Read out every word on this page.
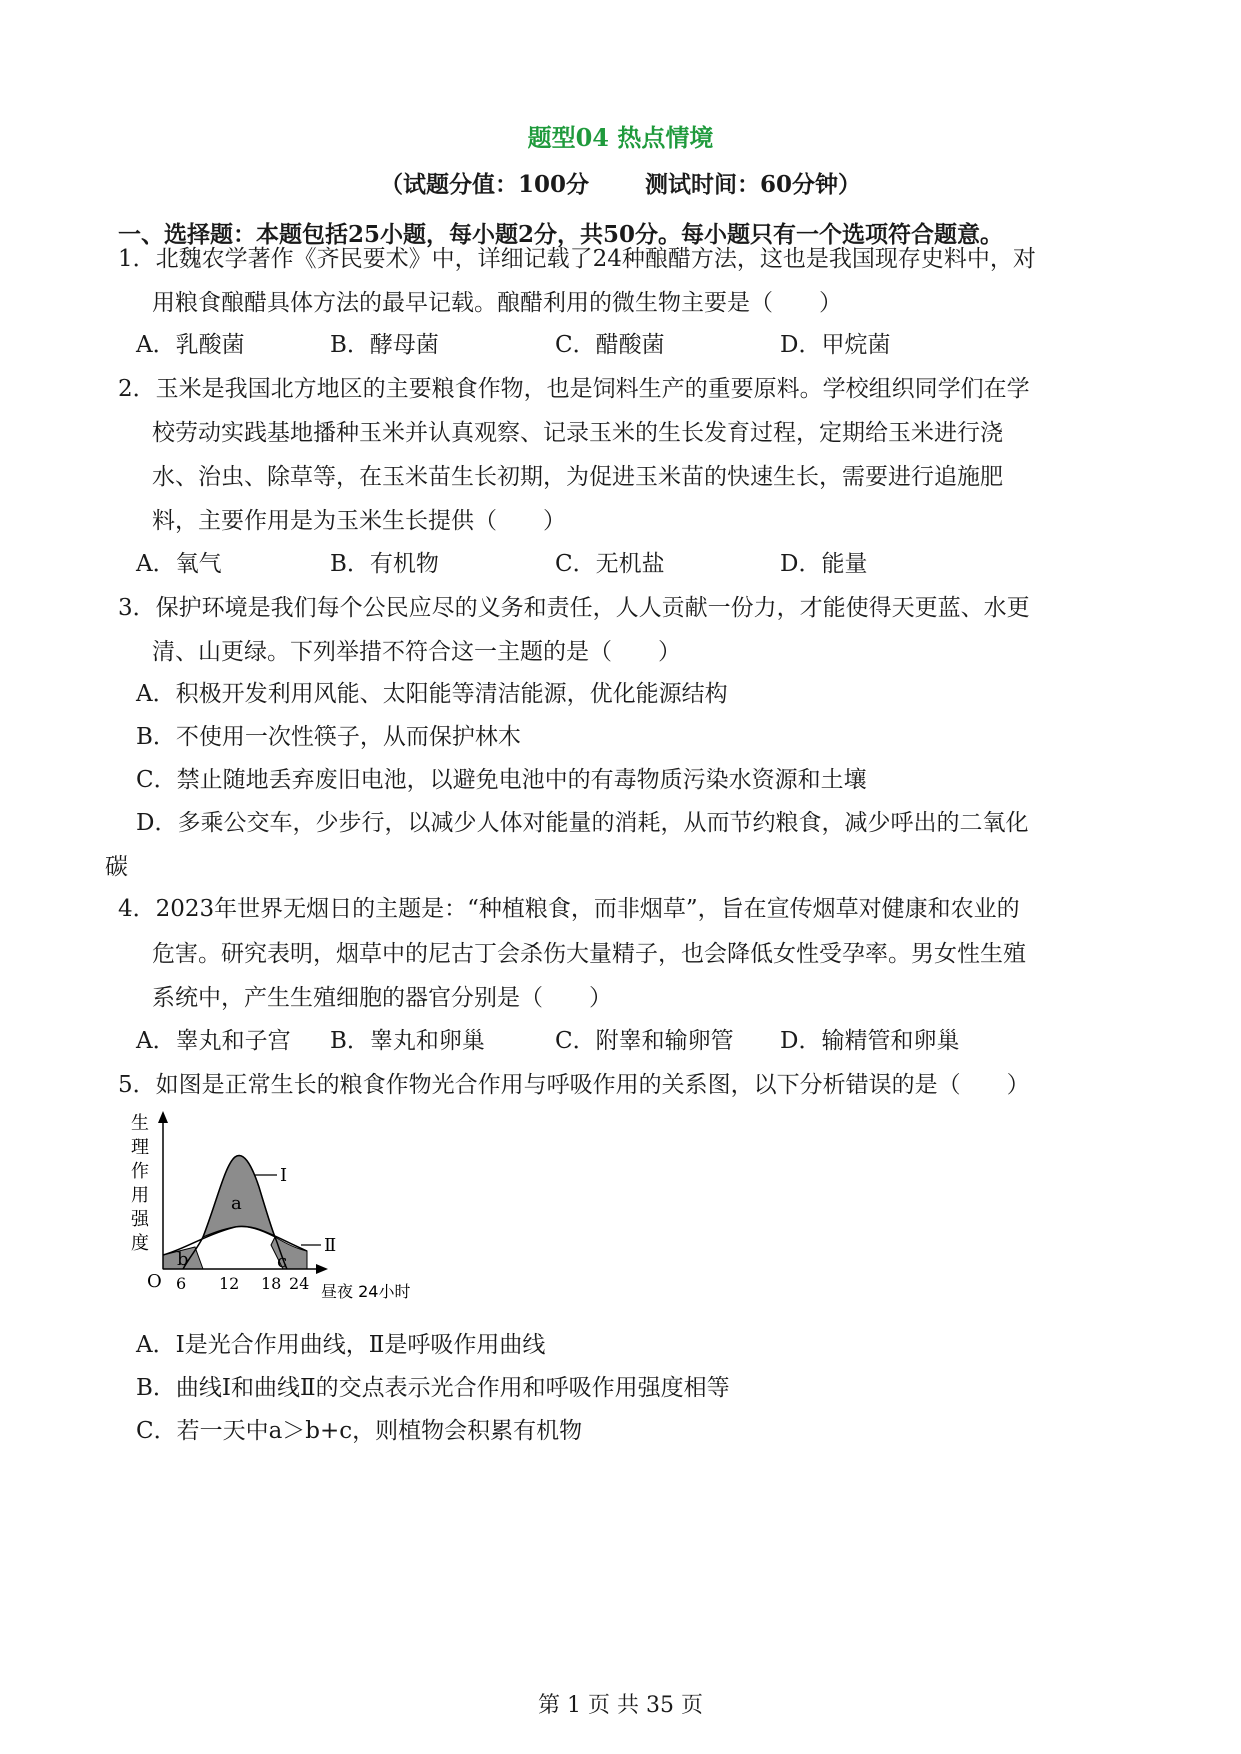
题型04 热点情境
（试题分值：100分 测试时间：60分钟）
一、选择题：本题包括25小题，每小题2分，共50分。每小题只有一个选项符合题意。
1．北魏农学著作《齐民要术》中，详细记载了24种酿醋方法，这也是我国现存史料中，对
用粮食酿醋具体方法的最早记载。酿醋利用的微生物主要是（　　）
A．乳酸菌	B．酵母菌	C．醋酸菌	D．甲烷菌
2．玉米是我国北方地区的主要粮食作物，也是饲料生产的重要原料。学校组织同学们在学
校劳动实践基地播种玉米并认真观察、记录玉米的生长发育过程，定期给玉米进行浇
水、治虫、除草等，在玉米苗生长初期，为促进玉米苗的快速生长，需要进行追施肥
料，主要作用是为玉米生长提供（　　）
A．氧气	B．有机物	C．无机盐	D．能量
3．保护环境是我们每个公民应尽的义务和责任，人人贡献一份力，才能使得天更蓝、水更
清、山更绿。下列举措不符合这一主题的是（　　）
A．积极开发利用风能、太阳能等清洁能源，优化能源结构
B．不使用一次性筷子，从而保护林木
C．禁止随地丢弃废旧电池，以避免电池中的有毒物质污染水资源和土壤
D．多乘公交车，少步行，以减少人体对能量的消耗，从而节约粮食，减少呼出的二氧化
碳
4．2023年世界无烟日的主题是：“种植粮食，而非烟草”，旨在宣传烟草对健康和农业的
危害。研究表明，烟草中的尼古丁会杀伤大量精子，也会降低女性受孕率。男女性生殖
系统中，产生生殖细胞的器官分别是（　　）
A．睾丸和子宫 B．睾丸和卵巢	C．附睾和输卵管 D．输精管和卵巢
5．如图是正常生长的粮食作物光合作用与呼吸作用的关系图，以下分析错误的是（　　）
生
理
作
用
强
度
Ⅰ
Ⅱ
a
b	c
O 6 12 18 24 昼夜 24小时
A．Ⅰ是光合作用曲线，Ⅱ是呼吸作用曲线
B．曲线Ⅰ和曲线Ⅱ的交点表示光合作用和呼吸作用强度相等
C．若一天中a＞b+c，则植物会积累有机物
第 1 页 共 35 页
